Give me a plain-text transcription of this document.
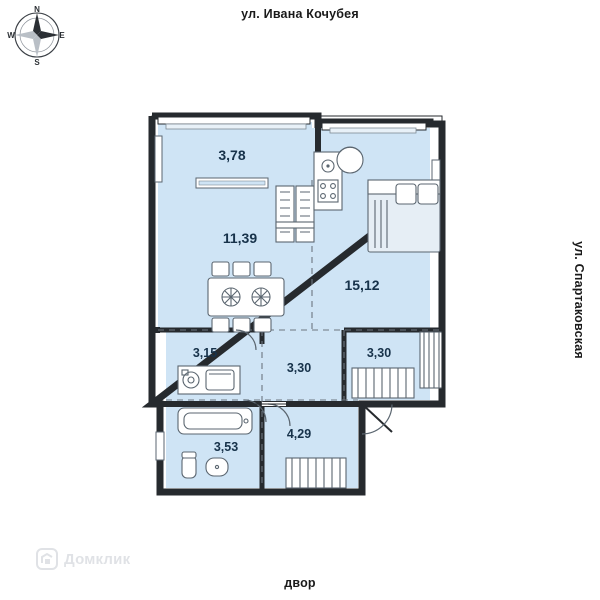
N
E
S
W
ул. Ивана Кочубея
ул. Спартаковская
двор
3,78
11,39
15,12
3,15
3,30
3,30
3,53
4,29
Домклик
